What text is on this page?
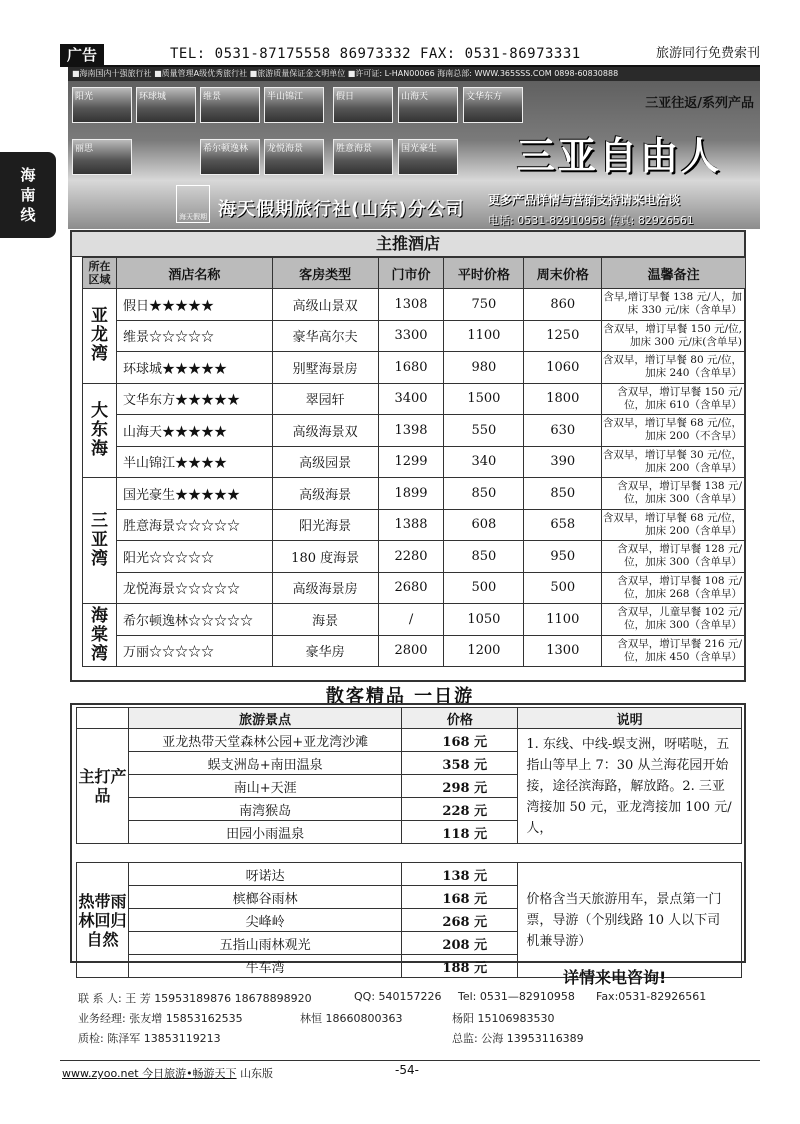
广告	TEL: 0531-87175558 86973332 FAX: 0531-86973331	旅游同行免费索刊
海
南
线
■海南国内十强旅行社 ■质量管理A级优秀旅行社 ■旅游质量保证金文明单位 ■许可证: L-HAN00066 海南总部: WWW.365SSS.COM 0898-60830888
阳光	环球城	维景	半山锦江	假日	山海天	文华东方
丽思	希尔顿逸林 龙悦海景	胜意海景	国光豪生
三亚往返/系列产品
三亚自由人
海天假期 海天假期旅行社(山东)分公司 更多产品详情与营销支持请来电洽谈
电话: 0531-82910958 传真: 82926561
主推酒店
所在区域	酒店名称	客房类型	门市价	平时价格	周末价格	温馨备注
亚龙湾	假日★★★★★	高级山景双	1308	750	860	含早,增订早餐 138 元/人，加床 330 元/床（含单早）
	维景☆☆☆☆☆	豪华高尔夫	3300	1100	1250	含双早，增订早餐 150 元/位,加床 300 元/床(含单早)
	环球城★★★★★	别墅海景房	1680	980	1060	含双早，增订早餐 80 元/位，加床 240（含单早）
大东海	文华东方★★★★★	翠园轩	3400	1500	1800	含双早，增订早餐 150 元/位，加床 610（含单早）
	山海天★★★★★	高级海景双	1398	550	630	含双早，增订早餐 68 元/位，加床 200（不含早）
	半山锦江★★★★	高级园景	1299	340	390	含双早，增订早餐 30 元/位，加床 200（含单早）
三亚湾	国光豪生★★★★★	高级海景	1899	850	850	含双早，增订早餐 138 元/位，加床 300（含单早）
	胜意海景☆☆☆☆☆	阳光海景	1388	608	658	含双早，增订早餐 68 元/位，加床 200（含单早）
	阳光☆☆☆☆☆	180 度海景	2280	850	950	含双早，增订早餐 128 元/位，加床 300（含单早）
	龙悦海景☆☆☆☆☆	高级海景房	2680	500	500	含双早，增订早餐 108 元/位，加床 268（含单早）
海棠湾	希尔顿逸林☆☆☆☆☆	海景	/	1050	1100	含双早，儿童早餐 102 元/位，加床 300（含单早）
	万丽☆☆☆☆☆	豪华房	2800	1200	1300	含双早，增订早餐 216 元/位，加床 450（含单早）
散客精品 一日游
	旅游景点	价格	说明
主打产品	亚龙热带天堂森林公园+亚龙湾沙滩	168 元	1. 东线、中线-蜈支洲，呀喏哒，五指山等早上 7：30 从兰海花园开始接，途径滨海路，解放路。2. 三亚湾接加 50 元，亚龙湾接加 100 元/人，
	蜈支洲岛+南田温泉	358 元	
	南山+天涯	298 元	
	南湾猴岛	228 元	
	田园小雨温泉	118 元	

热带雨林回归自然	呀诺达	138 元	价格含当天旅游用车，景点第一门票，导游（个别线路 10 人以下司机兼导游）
	槟榔谷雨林	168 元	
	尖峰岭	268 元	
	五指山雨林观光	208 元	
	牛车湾	188 元		详情来电咨询!
联 系 人: 王 芳 15953189876 18678898920	QQ: 540157226 Tel: 0531—82910958 Fax:0531-82926561
业务经理: 张友增 15853162535	林恒 18660800363	杨阳 15106983530
质检: 陈泽军 13853119213	总监: 公海 13953116389
www.zyoo.net 今日旅游•畅游天下 山东版	-54-
